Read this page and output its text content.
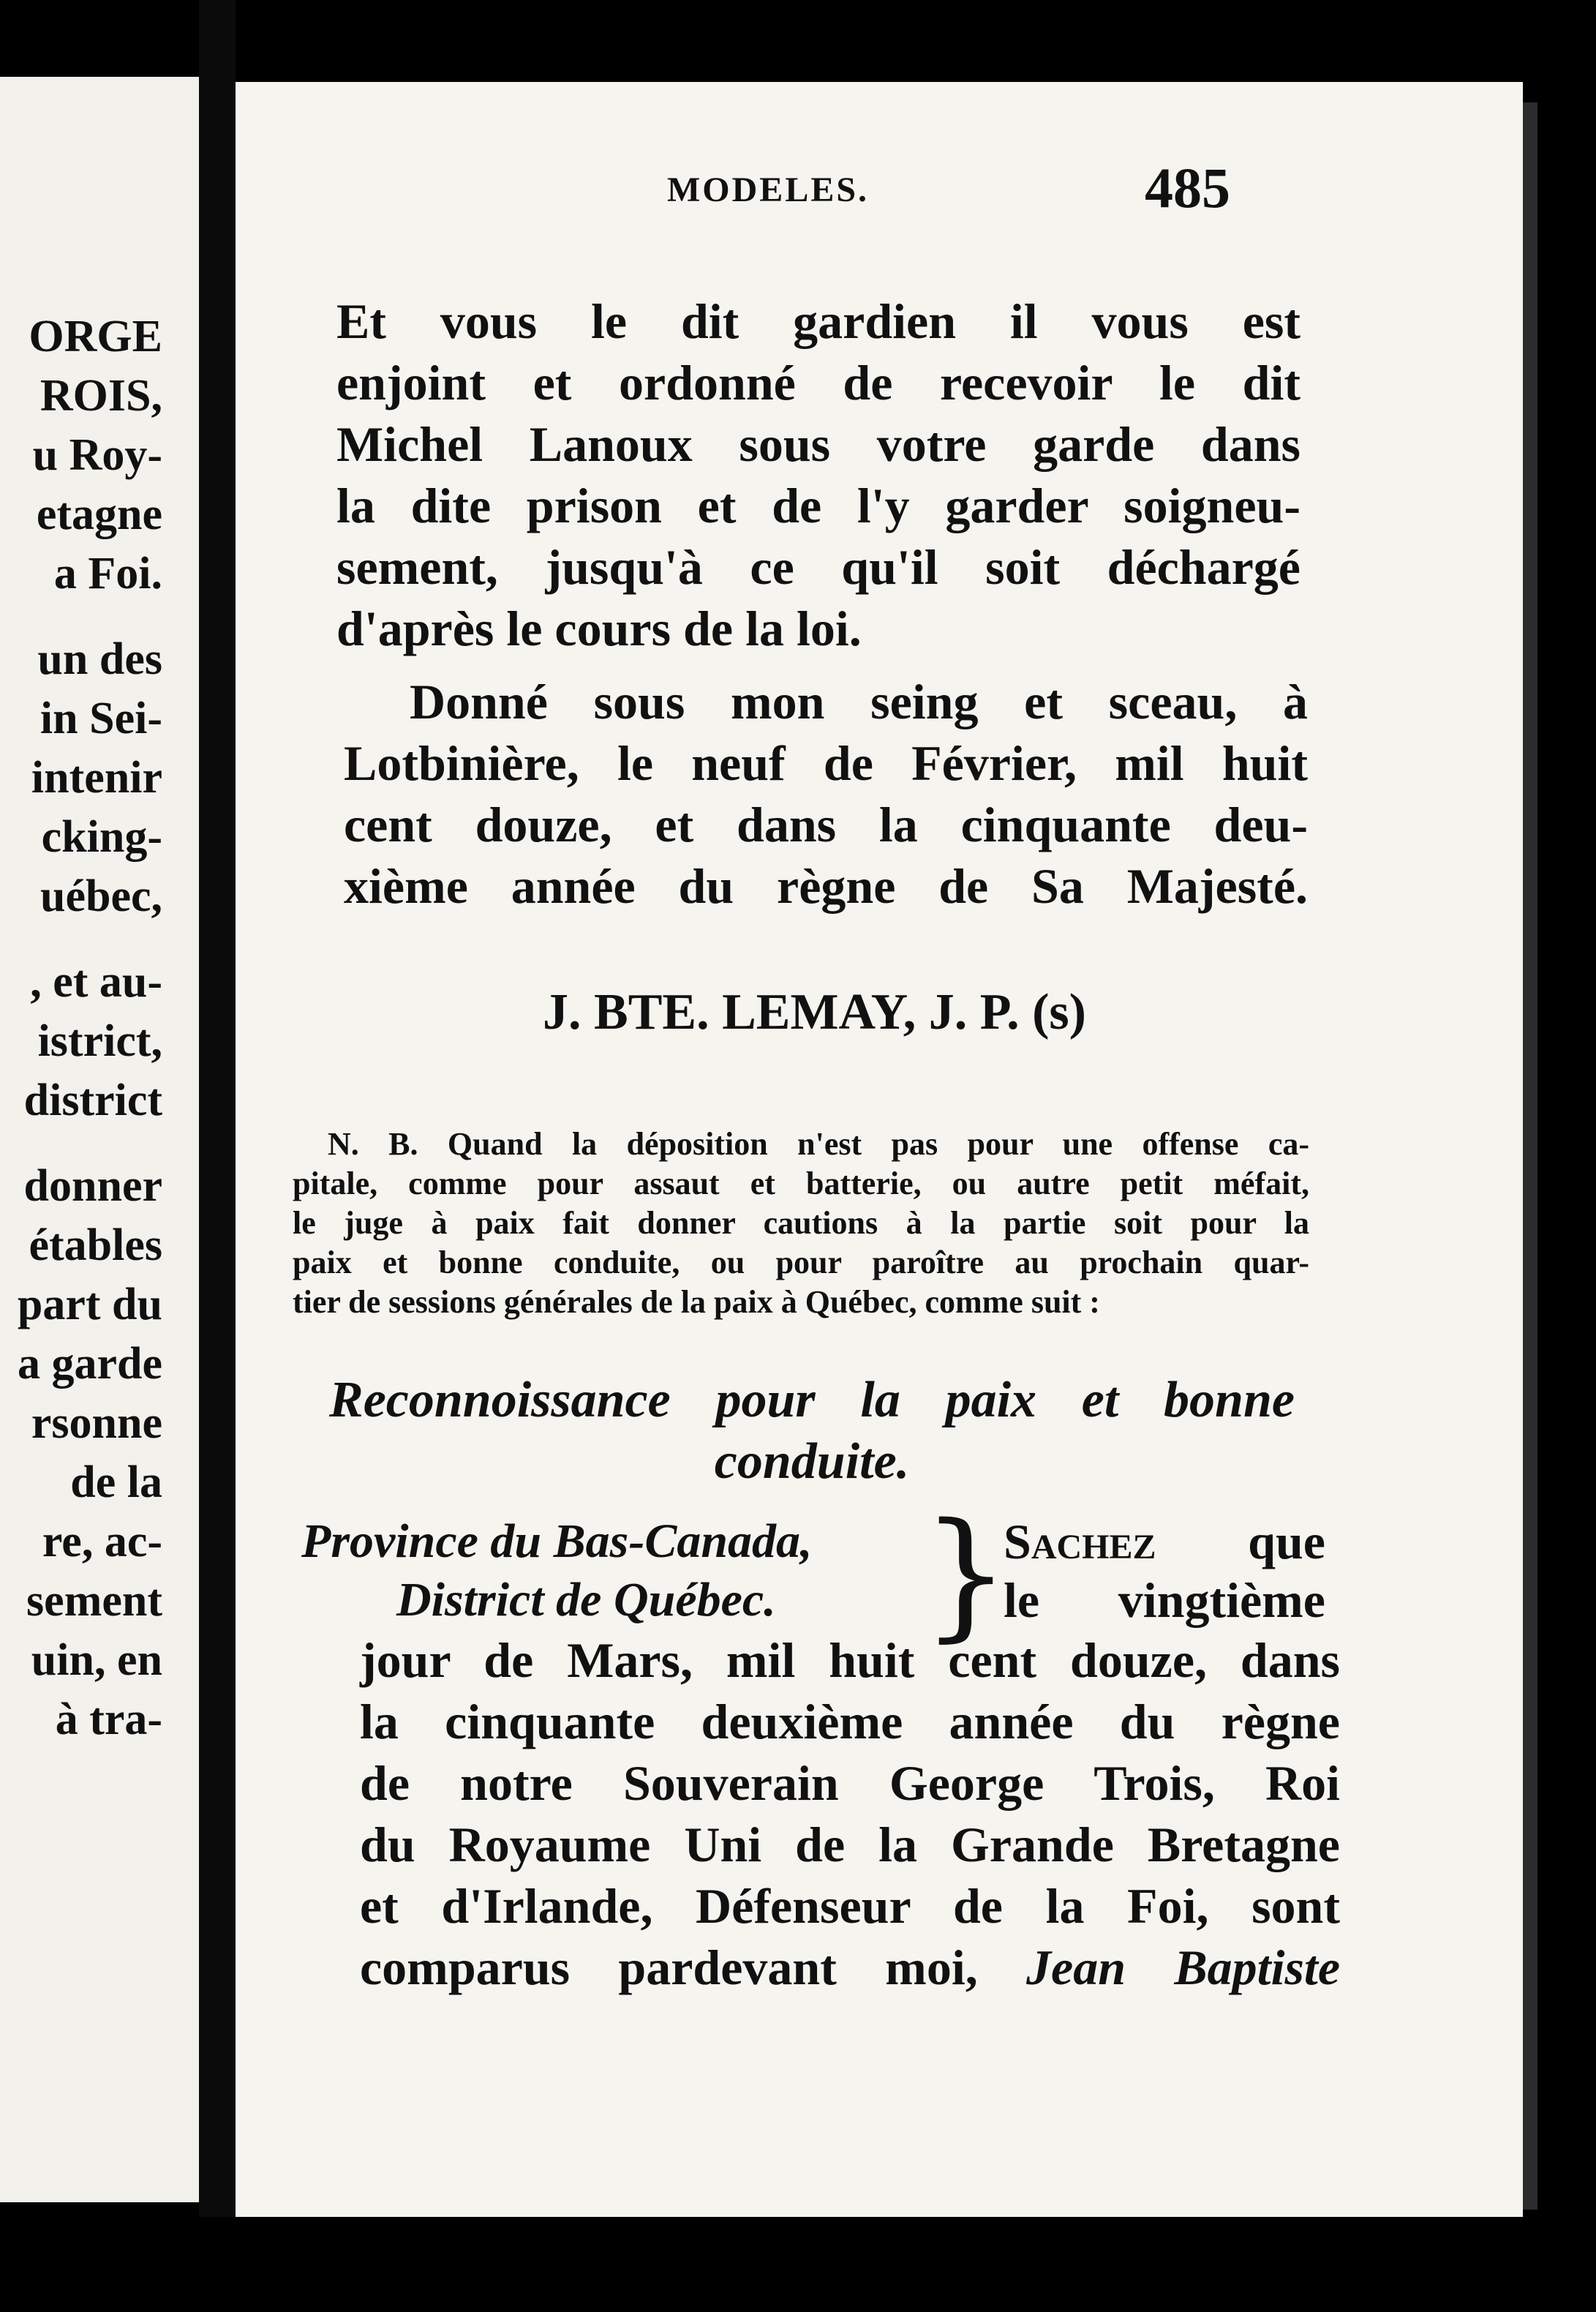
ORGE
ROIS,
u Roy-
etagne
a Foi.
un des
in Sei-
intenir
cking-
uébec,
, et au-
istrict,
district
donner
étables
part du
a garde
rsonne
de la
re, ac-
sement
uin, en
à tra-
MODELES.	485
Et vous le dit gardien il vous est
enjoint et ordonné de recevoir le dit
Michel Lanoux sous votre garde dans
la dite prison et de l'y garder soigneu-
sement, jusqu'à ce qu'il soit déchargé
d'après le cours de la loi.
Donné sous mon seing et sceau, à
Lotbinière, le neuf de Février, mil huit
cent douze, et dans la cinquante deu-
xième année du règne de Sa Majesté.
J. BTE. LEMAY, J. P. (s)
N. B. Quand la déposition n'est pas pour une offense ca-
pitale, comme pour assaut et batterie, ou autre petit méfait,
le juge à paix fait donner cautions à la partie soit pour la
paix et bonne conduite, ou pour paroître au prochain quar-
tier de sessions générales de la paix à Québec, comme suit :
Reconnoissance pour la paix et bonne
conduite.
Province du Bas-Canada,
District de Québec.	}
Sachez que
le vingtième
jour de Mars, mil huit cent douze, dans
la cinquante deuxième année du règne
de notre Souverain George Trois, Roi
du Royaume Uni de la Grande Bretagne
et d'Irlande, Défenseur de la Foi, sont
comparus pardevant moi, Jean Baptiste
